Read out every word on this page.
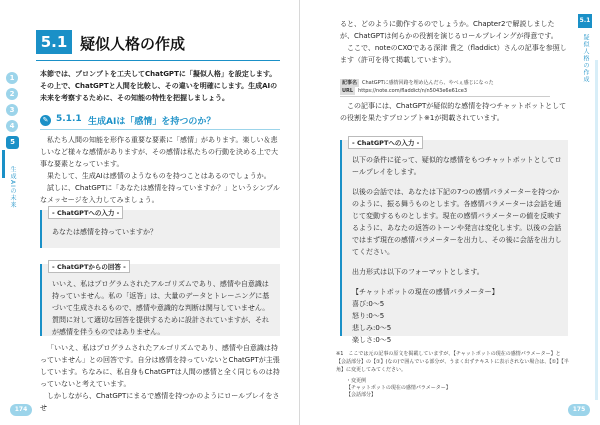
1
2
3
4
5
生成AIの未来
5.1 疑似人格の作成
本節では、プロンプトを工夫してChatGPTに「擬似人格」を設定します。その上で、ChatGPTと人間を比較し、その違いを明確にします。生成AIの未来を考察するために、その知能の特性を把握しましょう。
✎ 5.1.1 生成AIは「感情」を持つのか？

私たち人間の知能を形作る重要な要素に「感情」があります。楽しい＆悲しいなど様々な感情がありますが、その感情は私たちの行動を決める上で大事な要素となっています。

果たして、生成AIは感情のようなものを持つことはあるのでしょうか。

試しに、ChatGPTに「あなたは感情を持っていますか？」というシンプルなメッセージを入力してみましょう。

- ChatGPTへの入力 -
あなたは感情を持っていますか？
- ChatGPTからの回答 -
いいえ、私はプログラムされたアルゴリズムであり、感情や自意識は持っていません。私の「返答」は、大量のデータとトレーニングに基づいて生成されるもので、感情や意識的な判断は関与していません。質問に対して適切な回答を提供するために設計されていますが、それが感情を伴うものではありません。

「いいえ、私はプログラムされたアルゴリズムであり、感情や自意識は持っていません」との回答です。自分は感情を持っていないとChatGPTが主張しています。ちなみに、私自身もChatGPTは人間の感情と全く同じものは持っていないと考えています。

しかしながら、ChatGPTにまるで感情を持つかのようにロールプレイをさせ

174
5.1
疑似人格の作成

ると、どのように動作するのでしょうか。Chapter2で解説しましたが、ChatGPTは何らかの役割を演じるロールプレイングが得意です。

ここで、noteのCXOである深津 貴之（fladdict）さんの記事を参照します（許可を得て掲載しています）。

記事名 ChatGPTに感情回路を埋め込んだら、やべぇ感じになった
URL https://note.com/fladdict/n/n5043e6e61ce3

この記事には、ChatGPTが疑似的な感情を持つチャットボットとしての役割を果たすプロンプト※1が掲載されています。

- ChatGPTへの入力 -
以下の条件に従って、疑似的な感情をもつチャットボットとしてロールプレイをします。
以後の会話では、あなたは下記の7つの感情パラメーターを持つかのように、振る舞うものとします。各感情パラメーターは会話を通じて変動するものとします。現在の感情パラメーターの値を反映するように、あなたの返答のトーンや発言は変化します。以後の会話ではまず現在の感情パラメーターを出力し、その後に会話を出力してください。
出力形式は以下のフォーマットとします。
【チャットボットの現在の感情パラメーター】
喜び:0〜5
怒り:0〜5
悲しみ:0〜5
楽しさ:0〜5
※1　ここでは元の記事の原文を掲載していますが、【チャットボットの現在の感情パラメーター】と【会話部分】の【①】(なの)で囲んでいる部分が、うまく出ずテキストに表示されない場合は、【①】【半角】に変更してみてください。
・変更例
【チャットボットの現在の感情パラメーター】
【会話部分】
175
